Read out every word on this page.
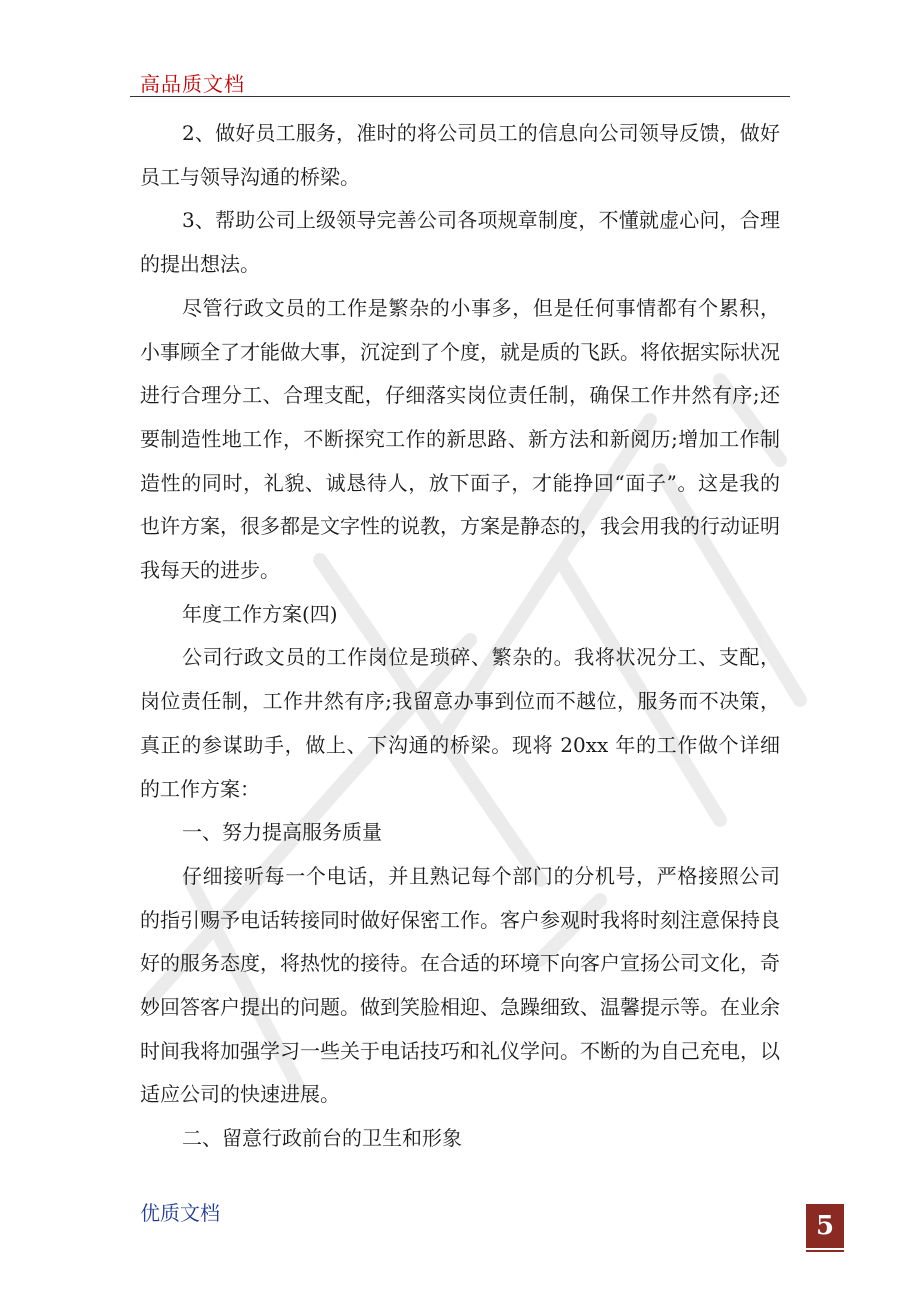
高品质文档

2、做好员工服务，准时的将公司员工的信息向公司领导反馈，做好员工与领导沟通的桥梁。

3、帮助公司上级领导完善公司各项规章制度，不懂就虚心问，合理的提出想法。

尽管行政文员的工作是繁杂的小事多，但是任何事情都有个累积，小事顾全了才能做大事，沉淀到了个度，就是质的飞跃。将依据实际状况进行合理分工、合理支配，仔细落实岗位责任制，确保工作井然有序;还要制造性地工作，不断探究工作的新思路、新方法和新阅历;增加工作制造性的同时，礼貌、诚恳待人，放下面子，才能挣回“面子”。这是我的也许方案，很多都是文字性的说教，方案是静态的，我会用我的行动证明我每天的进步。

年度工作方案(四)

公司行政文员的工作岗位是琐碎、繁杂的。我将状况分工、支配，岗位责任制，工作井然有序;我留意办事到位而不越位，服务而不决策，真正的参谋助手，做上、下沟通的桥梁。现将 20xx 年的工作做个详细的工作方案：

一、努力提高服务质量

仔细接听每一个电话，并且熟记每个部门的分机号，严格接照公司的指引赐予电话转接同时做好保密工作。客户参观时我将时刻注意保持良好的服务态度，将热忱的接待。在合适的环境下向客户宣扬公司文化，奇妙回答客户提出的问题。做到笑脸相迎、急躁细致、温馨提示等。在业余时间我将加强学习一些关于电话技巧和礼仪学问。不断的为自己充电，以适应公司的快速进展。

二、留意行政前台的卫生和形象

优质文档	5
